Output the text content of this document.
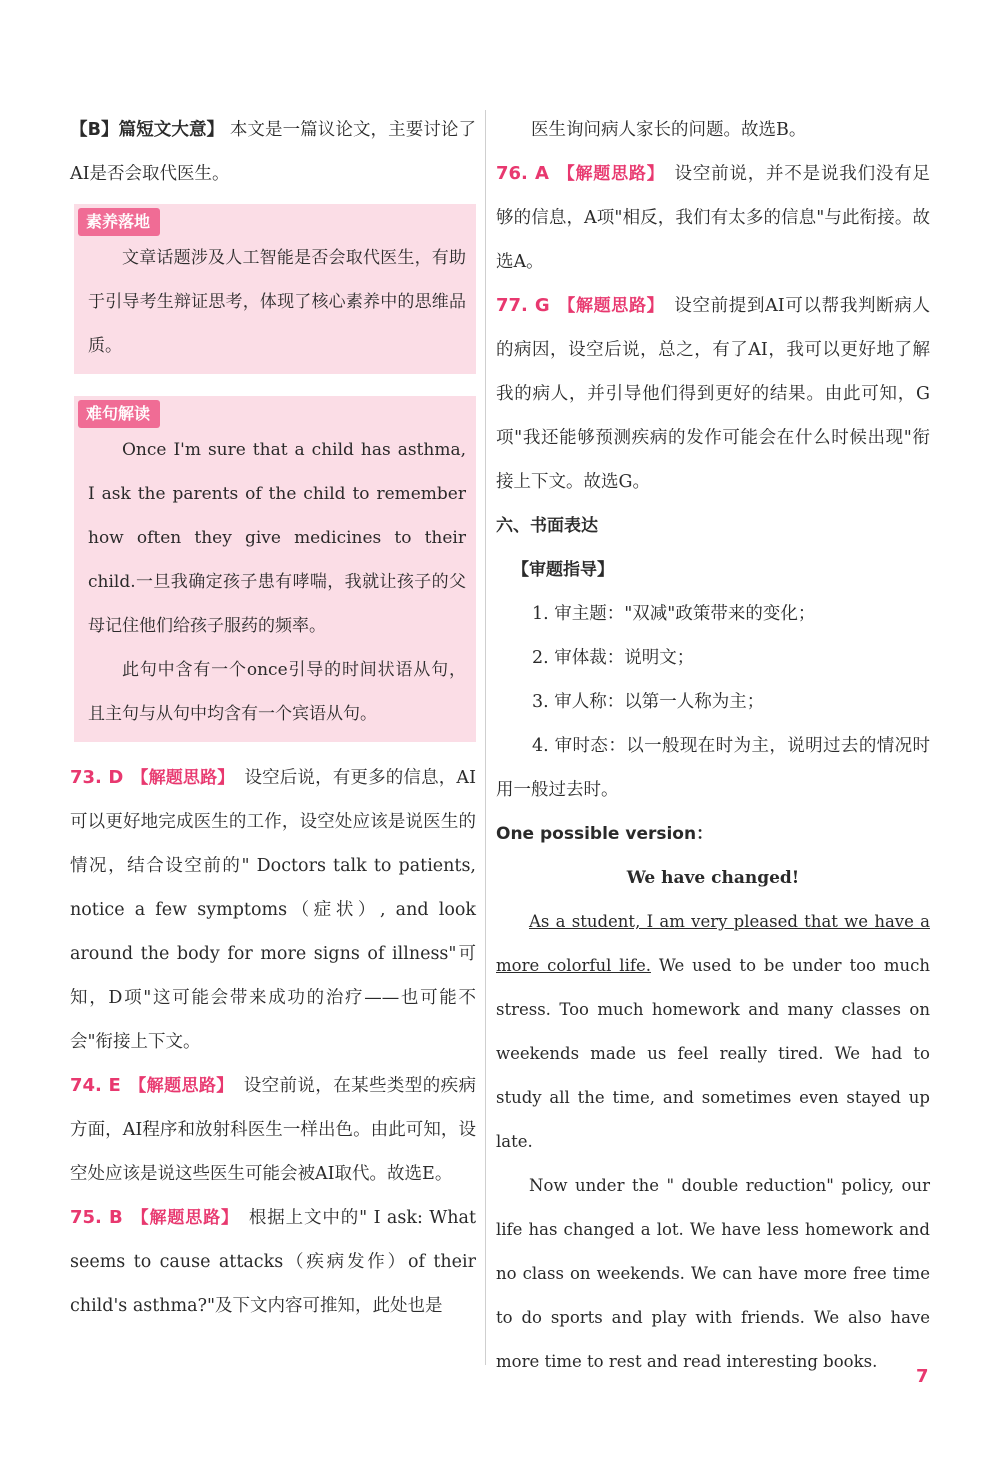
【B】篇短文大意】 本文是一篇议论文，主要讨论了AI是否会取代医生。

素养落地

文章话题涉及人工智能是否会取代医生，有助于引导考生辩证思考，体现了核心素养中的思维品质。

难句解读

Once I'm sure that a child has asthma, I ask the parents of the child to remember how often they give medicines to their child.一旦我确定孩子患有哮喘，我就让孩子的父母记住他们给孩子服药的频率。

此句中含有一个once引导的时间状语从句，且主句与从句中均含有一个宾语从句。

73. D 【解题思路】 设空后说，有更多的信息，AI可以更好地完成医生的工作，设空处应该是说医生的情况，结合设空前的" Doctors talk to patients, notice a few symptoms（症状）, and look around the body for more signs of illness"可知，D项"这可能会带来成功的治疗——也可能不会"衔接上下文。

74. E 【解题思路】 设空前说，在某些类型的疾病方面，AI程序和放射科医生一样出色。由此可知，设空处应该是说这些医生可能会被AI取代。故选E。

75. B 【解题思路】 根据上文中的" I ask: What seems to cause attacks（疾病发作）of their child's asthma?"及下文内容可推知，此处也是

医生询问病人家长的问题。故选B。

76. A 【解题思路】 设空前说，并不是说我们没有足够的信息，A项"相反，我们有太多的信息"与此衔接。故选A。

77. G 【解题思路】 设空前提到AI可以帮我判断病人的病因，设空后说，总之，有了AI，我可以更好地了解我的病人，并引导他们得到更好的结果。由此可知，G项"我还能够预测疾病的发作可能会在什么时候出现"衔接上下文。故选G。

六、书面表达
【审题指导】

1. 审主题："双减"政策带来的变化；

2. 审体裁：说明文；

3. 审人称：以第一人称为主；

4. 审时态：以一般现在时为主，说明过去的情况时用一般过去时。

One possible version：
We have changed!

As a student, I am very pleased that we have a more colorful life. We used to be under too much stress. Too much homework and many classes on weekends made us feel really tired. We had to study all the time, and sometimes even stayed up late.

Now under the " double reduction" policy, our life has changed a lot. We have less homework and no class on weekends. We can have more free time to do sports and play with friends. We also have more time to rest and read interesting books.

7
